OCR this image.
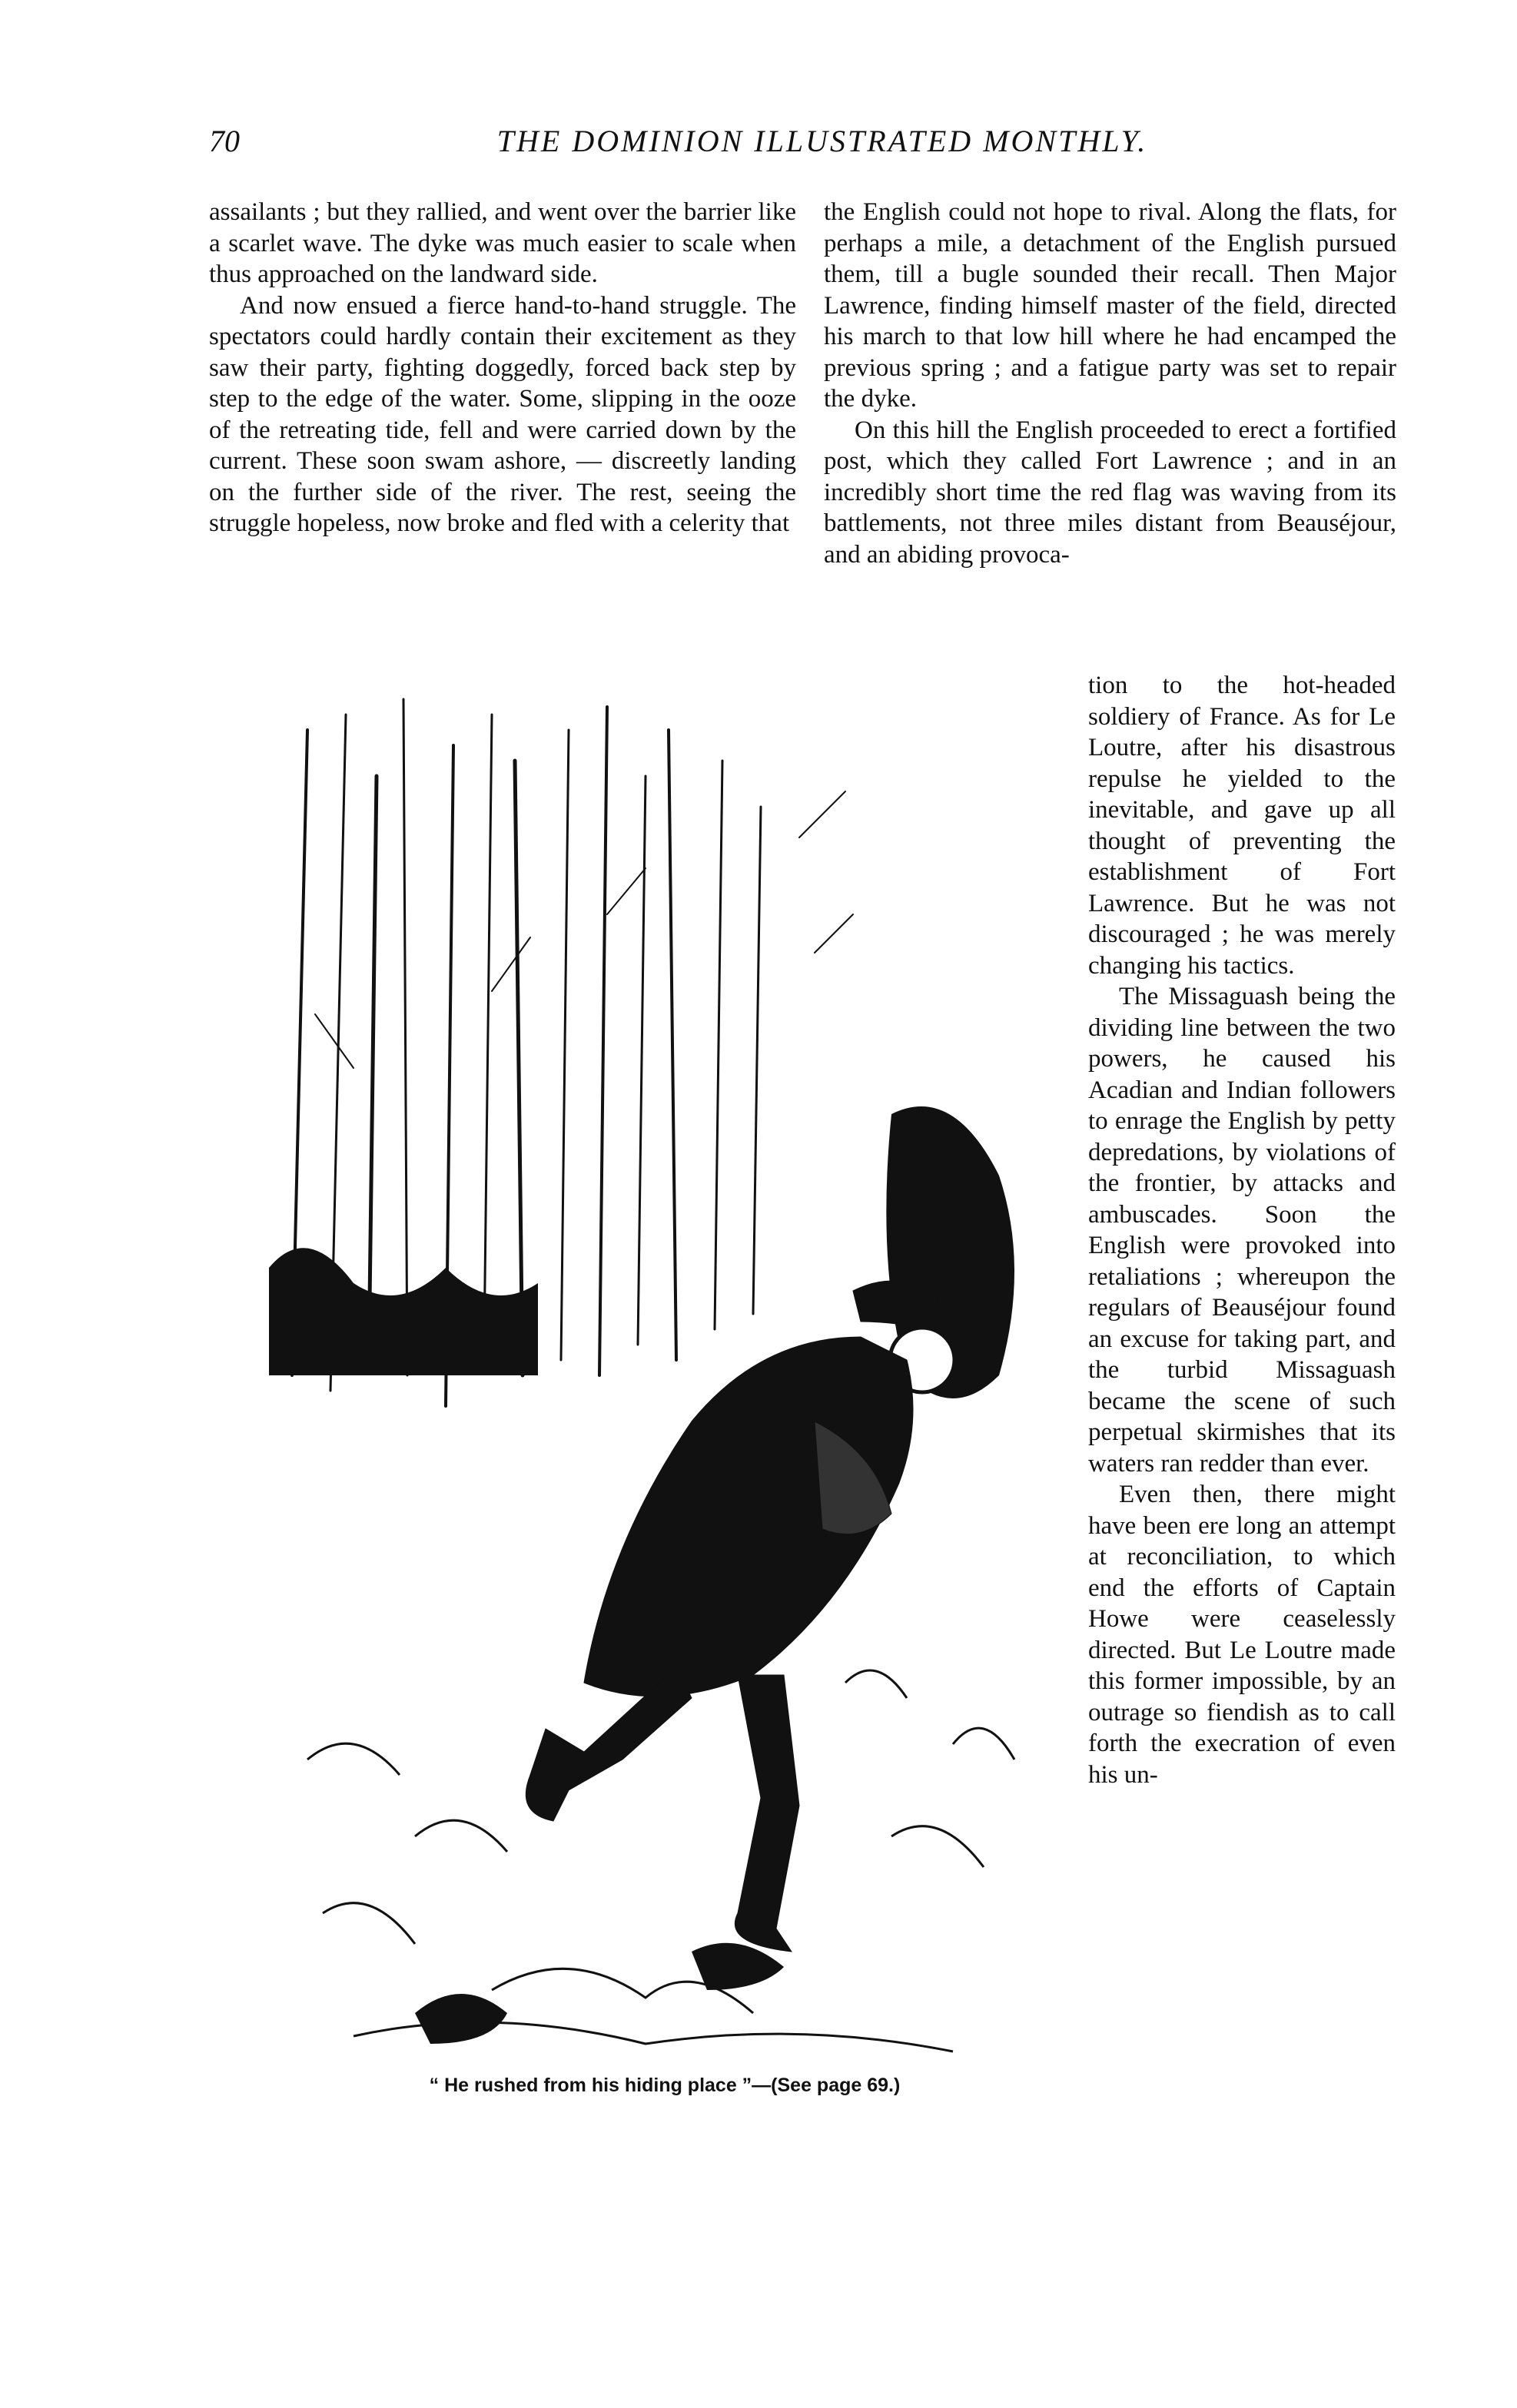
70	THE DOMINION ILLUSTRATED MONTHLY.

assailants ; but they rallied, and went over the barrier like a scarlet wave. The dyke was much easier to scale when thus approached on the landward side.

And now ensued a fierce hand-to-hand struggle. The spectators could hardly contain their excitement as they saw their party, fighting doggedly, forced back step by step to the edge of the water. Some, slipping in the ooze of the retreating tide, fell and were carried down by the current. These soon swam ashore, — discreetly landing on the further side of the river. The rest, seeing the struggle hopeless, now broke and fled with a celerity that

the English could not hope to rival. Along the flats, for perhaps a mile, a detachment of the English pursued them, till a bugle sounded their recall. Then Major Lawrence, finding himself master of the field, directed his march to that low hill where he had encamped the previous spring ; and a fatigue party was set to repair the dyke.

On this hill the English proceeded to erect a fortified post, which they called Fort Lawrence ; and in an incredibly short time the red flag was waving from its battlements, not three miles distant from Beauséjour, and an abiding provoca-

tion to the hot-headed soldiery of France. As for Le Loutre, after his disastrous repulse he yielded to the inevitable, and gave up all thought of preventing the establishment of Fort Lawrence. But he was not discouraged ; he was merely changing his tactics.

The Missaguash being the dividing line between the two powers, he caused his Acadian and Indian followers to enrage the English by petty depredations, by violations of the frontier, by attacks and ambuscades. Soon the English were provoked into retaliations ; whereupon the regulars of Beauséjour found an excuse for taking part, and the turbid Missaguash became the scene of such perpetual skirmishes that its waters ran redder than ever.

Even then, there might have been ere long an attempt at reconciliation, to which end the efforts of Captain Howe were ceaselessly directed. But Le Loutre made this former impossible, by an outrage so fiendish as to call forth the execration of even his un-

“ He rushed from his hiding place ”—(See page 69.)
